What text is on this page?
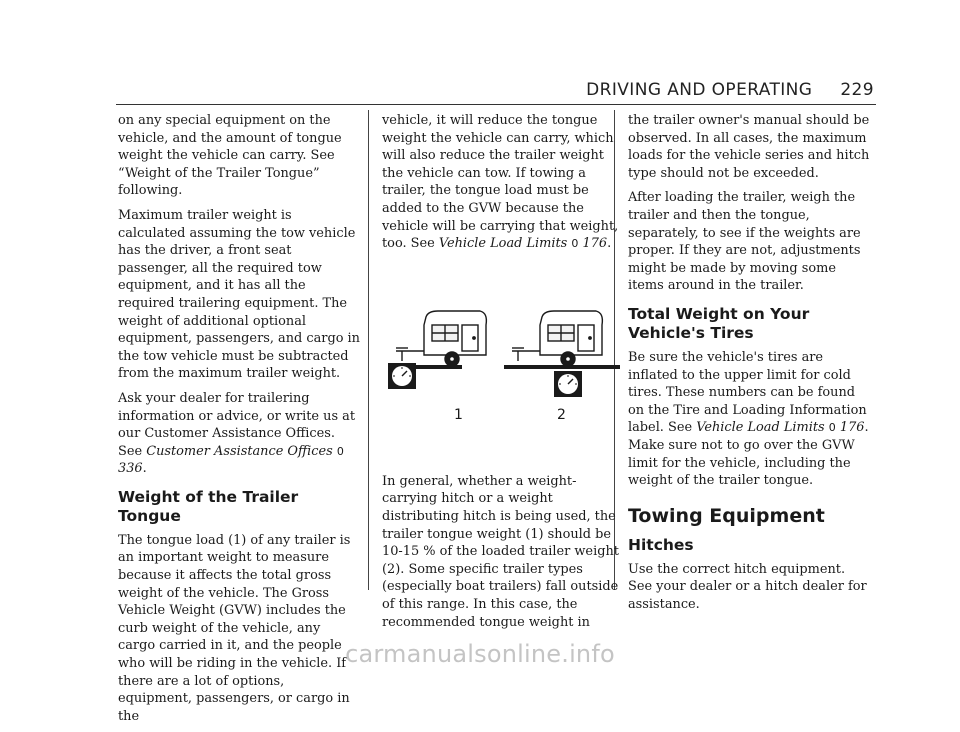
DRIVING AND OPERATING 229

on any special equipment on the vehicle, and the amount of tongue weight the vehicle can carry. See “Weight of the Trailer Tongue” following.

Maximum trailer weight is calculated assuming the tow vehicle has the driver, a front seat passenger, all the required tow equipment, and it has all the required trailering equipment. The weight of additional optional equipment, passengers, and cargo in the tow vehicle must be subtracted from the maximum trailer weight.

Ask your dealer for trailering information or advice, or write us at our Customer Assistance Offices. See Customer Assistance Offices 0 336.

Weight of the Trailer Tongue

The tongue load (1) of any trailer is an important weight to measure because it affects the total gross weight of the vehicle. The Gross Vehicle Weight (GVW) includes the curb weight of the vehicle, any cargo carried in it, and the people who will be riding in the vehicle. If there are a lot of options, equipment, passengers, or cargo in the

vehicle, it will reduce the tongue weight the vehicle can carry, which will also reduce the trailer weight the vehicle can tow. If towing a trailer, the tongue load must be added to the GVW because the vehicle will be carrying that weight, too. See Vehicle Load Limits 0 176.

1	2

In general, whether a weight-carrying hitch or a weight distributing hitch is being used, the trailer tongue weight (1) should be 10-15 % of the loaded trailer weight (2). Some specific trailer types (especially boat trailers) fall outside of this range. In this case, the recommended tongue weight in

the trailer owner's manual should be observed. In all cases, the maximum loads for the vehicle series and hitch type should not be exceeded.

After loading the trailer, weigh the trailer and then the tongue, separately, to see if the weights are proper. If they are not, adjustments might be made by moving some items around in the trailer.

Total Weight on Your Vehicle's Tires

Be sure the vehicle's tires are inflated to the upper limit for cold tires. These numbers can be found on the Tire and Loading Information label. See Vehicle Load Limits 0 176. Make sure not to go over the GVW limit for the vehicle, including the weight of the trailer tongue.

Towing Equipment
Hitches

Use the correct hitch equipment. See your dealer or a hitch dealer for assistance.

carmanualsonline.info
